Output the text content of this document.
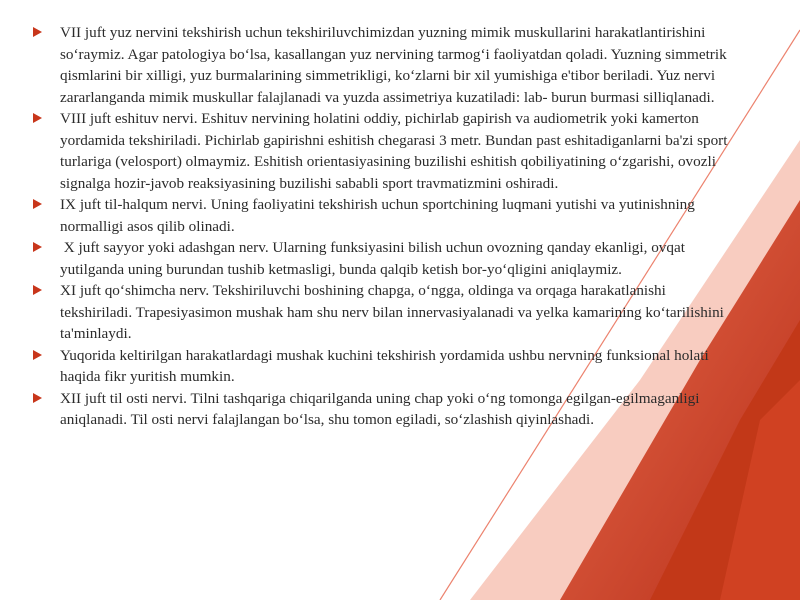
VII juft yuz nervini tekshirish uchun tekshiriluvchimizdan yuzning mimik muskullarini harakatlantirishini so‘raymiz. Agar patologiya bo‘lsa, kasallangan yuz nervining tarmog‘i faoliyatdan qoladi. Yuzning simmetrik qismlarini bir xilligi, yuz burmalarining simmetrikligi, ko‘zlarni bir xil yumishiga e'tibor beriladi. Yuz nervi zararlanganda mimik muskullar falajlanadi va yuzda assimetriya kuzatiladi: lab- burun burmasi silliqlanadi.
VIII juft eshituv nervi. Eshituv nervining holatini oddiy, pichirlab gapirish va audiometrik yoki kamerton yordamida tekshiriladi. Pichirlab gapirishni eshitish chegarasi 3 metr. Bundan past eshitadiganlarni ba'zi sport turlariga (velosport) olmaymiz. Eshitish orientasiyasining buzilishi eshitish qobiliyatining o‘zgarishi, ovozli signalga hozir-javob reaksiyasining buzilishi sababli sport travmatizmini oshiradi.
IX juft til-halqum nervi. Uning faoliyatini tekshirish uchun sportchining luqmani yutishi va yutinishning normalligi asos qilib olinadi.
X juft sayyor yoki adashgan nerv. Ularning funksiyasini bilish uchun ovozning qanday ekanligi, ovqat yutilganda uning burundan tushib ketmasligi, bunda qalqib ketish bor-yo‘qligini aniqlaymiz.
XI juft qo‘shimcha nerv. Tekshiriluvchi boshining chapga, o‘ngga, oldinga va orqaga harakatlanishi tekshiriladi. Trapesiyasimon mushak ham shu nerv bilan innervasiyalanadi va yelka kamarining ko‘tarilishini ta'minlaydi.
Yuqorida keltirilgan harakatlardagi mushak kuchini tekshirish yordamida ushbu nervning funksional holati haqida fikr yuritish mumkin.
XII juft til osti nervi. Tilni tashqariga chiqarilganda uning chap yoki o‘ng tomonga egilgan-egilmaganligi aniqlanadi. Til osti nervi falajlangan bo‘lsa, shu tomon egiladi, so‘zlashish qiyinlashadi.
